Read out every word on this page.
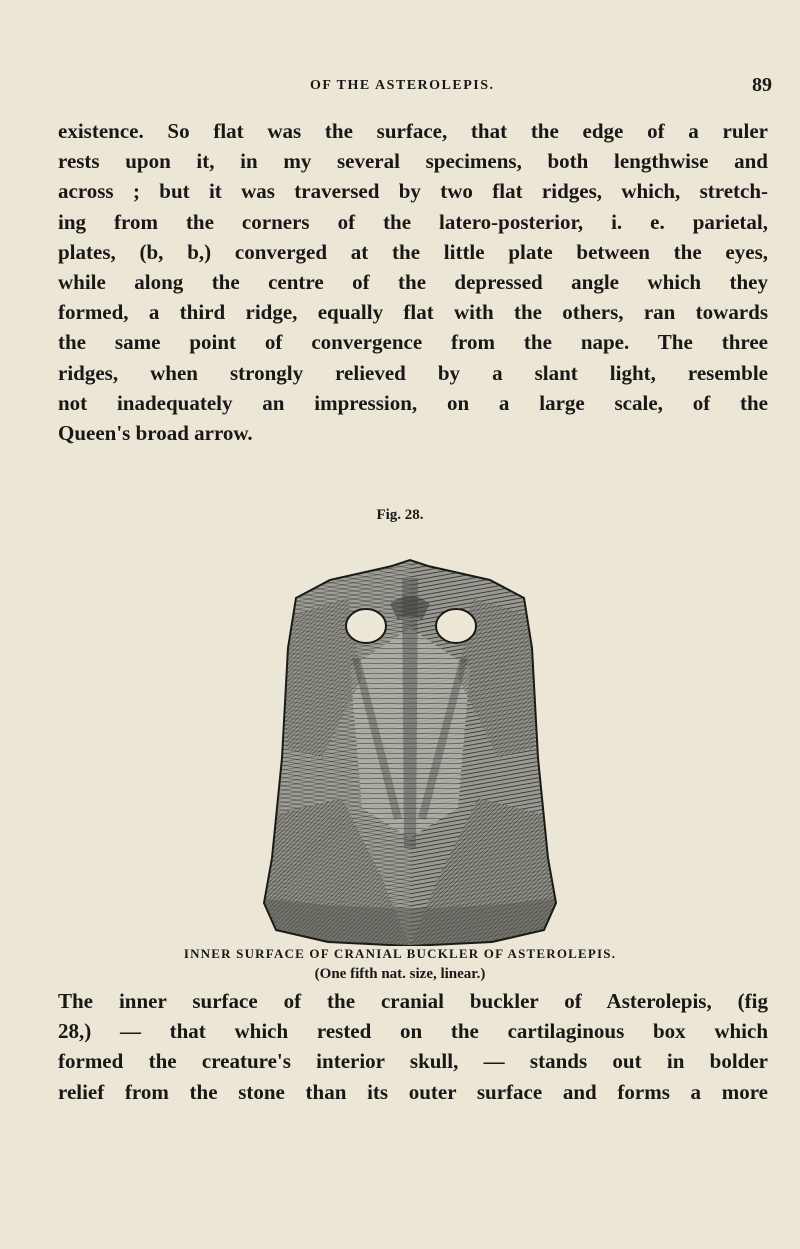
OF THE ASTEROLEPIS.	89
existence. So flat was the surface, that the edge of a ruler
rests upon it, in my several specimens, both lengthwise and
across ; but it was traversed by two flat ridges, which, stretch-
ing from the corners of the latero-posterior, i. e. parietal,
plates, (b, b,) converged at the little plate between the eyes,
while along the centre of the depressed angle which they
formed, a third ridge, equally flat with the others, ran towards
the same point of convergence from the nape. The three
ridges, when strongly relieved by a slant light, resemble
not inadequately an impression, on a large scale, of the
Queen's broad arrow.
Fig. 28.
INNER SURFACE OF CRANIAL BUCKLER OF ASTEROLEPIS.
(One fifth nat. size, linear.)
The inner surface of the cranial buckler of Asterolepis, (fig
28,) — that which rested on the cartilaginous box which
formed the creature's interior skull, — stands out in bolder
relief from the stone than its outer surface and forms a more
